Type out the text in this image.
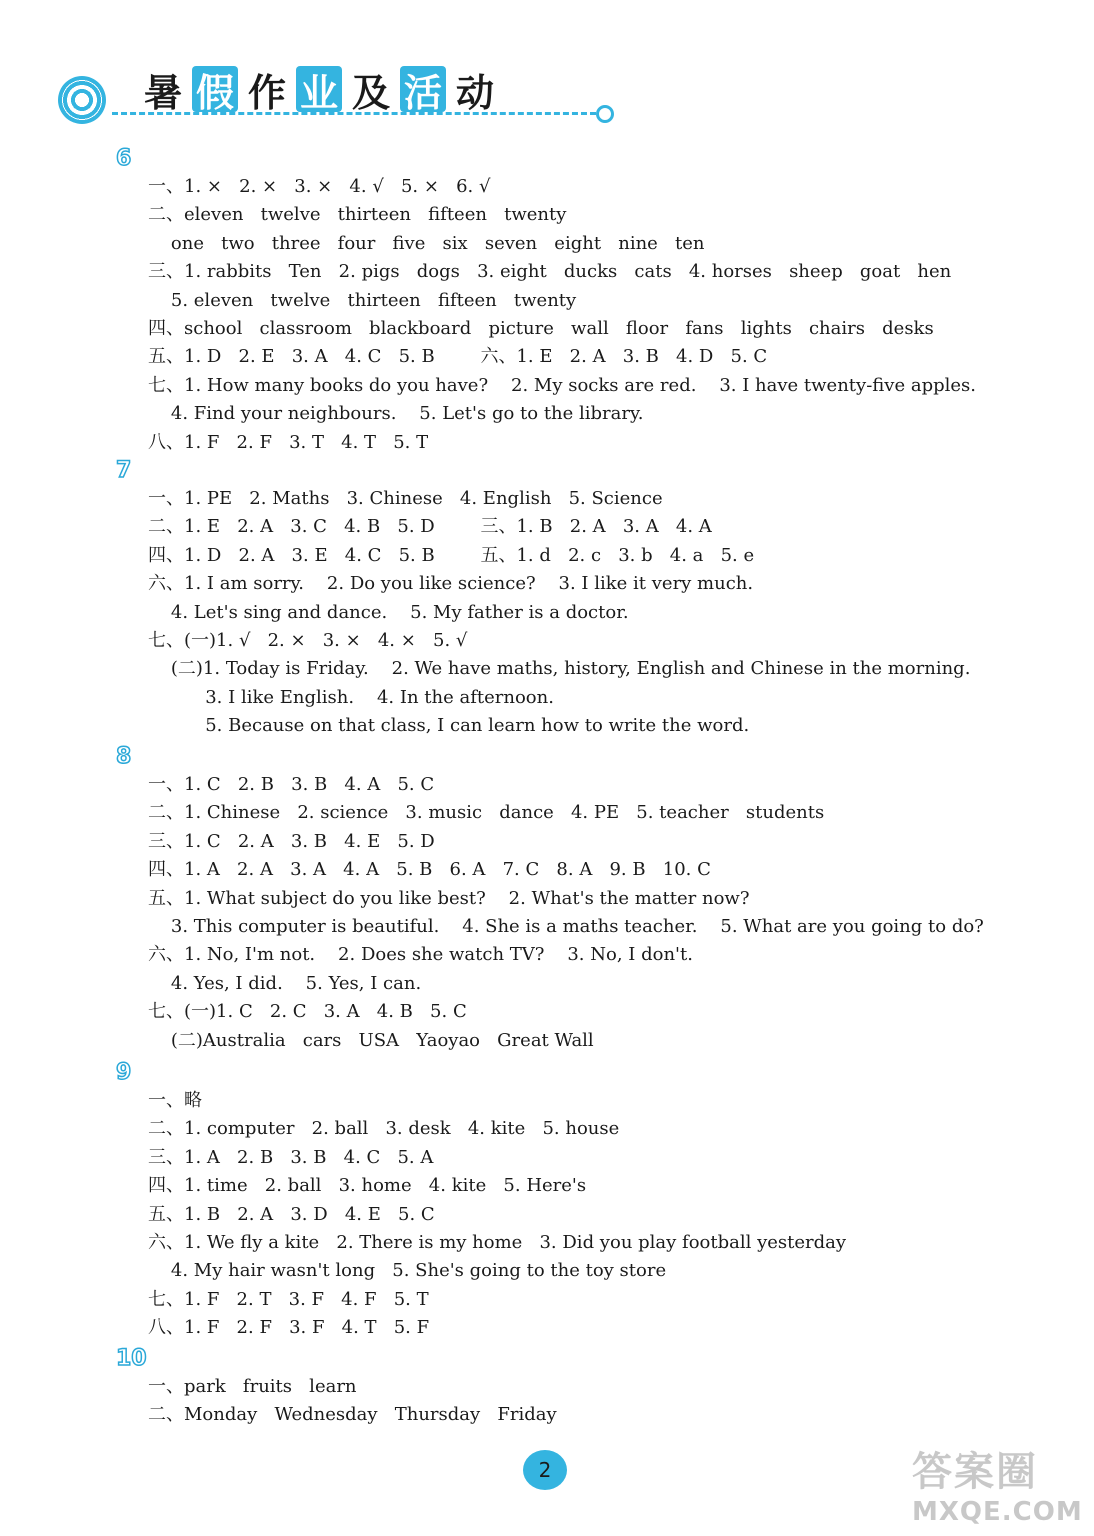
暑 假 作 业 及 活 动
6
一、1. ×   2. ×   3. ×   4. √   5. ×   6. √
二、eleven   twelve   thirteen   fifteen   twenty
one   two   three   four   five   six   seven   eight   nine   ten
三、1. rabbits   Ten   2. pigs   dogs   3. eight   ducks   cats   4. horses   sheep   goat   hen
5. eleven   twelve   thirteen   fifteen   twenty
四、school   classroom   blackboard   picture   wall   floor   fans   lights   chairs   desks
五、1. D   2. E   3. A   4. C   5. B        六、1. E   2. A   3. B   4. D   5. C
七、1. How many books do you have?    2. My socks are red.    3. I have twenty-five apples.
4. Find your neighbours.    5. Let's go to the library.
八、1. F   2. F   3. T   4. T   5. T
7
一、1. PE   2. Maths   3. Chinese   4. English   5. Science
二、1. E   2. A   3. C   4. B   5. D        三、1. B   2. A   3. A   4. A
四、1. D   2. A   3. E   4. C   5. B        五、1. d   2. c   3. b   4. a   5. e
六、1. I am sorry.    2. Do you like science?    3. I like it very much.
4. Let's sing and dance.    5. My father is a doctor.
七、(一)1. √   2. ×   3. ×   4. ×   5. √
(二)1. Today is Friday.    2. We have maths, history, English and Chinese in the morning.
3. I like English.    4. In the afternoon.
5. Because on that class, I can learn how to write the word.
8
一、1. C   2. B   3. B   4. A   5. C
二、1. Chinese   2. science   3. music   dance   4. PE   5. teacher   students
三、1. C   2. A   3. B   4. E   5. D
四、1. A   2. A   3. A   4. A   5. B   6. A   7. C   8. A   9. B   10. C
五、1. What subject do you like best?    2. What's the matter now?
3. This computer is beautiful.    4. She is a maths teacher.    5. What are you going to do?
六、1. No, I'm not.    2. Does she watch TV?    3. No, I don't.
4. Yes, I did.    5. Yes, I can.
七、(一)1. C   2. C   3. A   4. B   5. C
(二)Australia   cars   USA   Yaoyao   Great Wall
9
一、略
二、1. computer   2. ball   3. desk   4. kite   5. house
三、1. A   2. B   3. B   4. C   5. A
四、1. time   2. ball   3. home   4. kite   5. Here's
五、1. B   2. A   3. D   4. E   5. C
六、1. We fly a kite   2. There is my home   3. Did you play football yesterday
4. My hair wasn't long   5. She's going to the toy store
七、1. F   2. T   3. F   4. F   5. T
八、1. F   2. F   3. F   4. T   5. F
10
一、park   fruits   learn
二、Monday   Wednesday   Thursday   Friday
2	答案圈
MXQE.COM
